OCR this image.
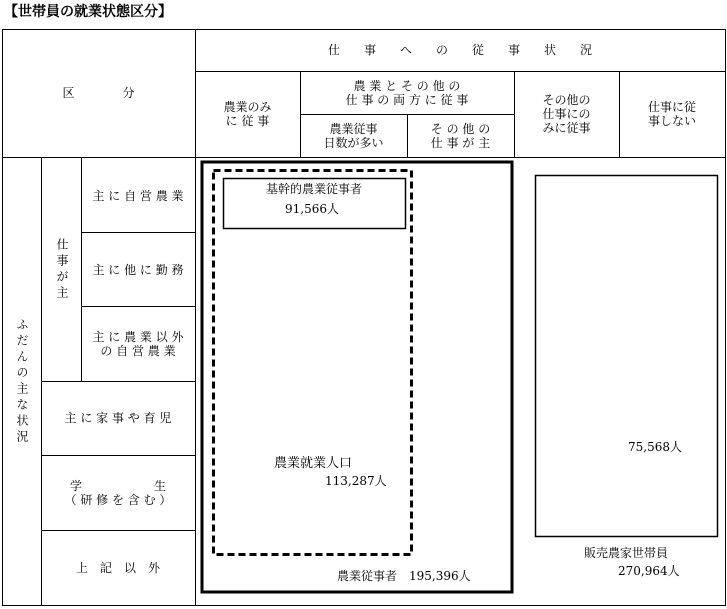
【世帯員の就業状態区分】
区　　　　分
仕　　事　　へ　　の　　従　　事　　状　　況
農業のみ
に 従 事
農 業 と そ の 他 の
仕 事 の 両 方 に 従 事
農業従事
日数が多い
そ の 他 の
仕 事 が 主
その他の
仕事にの
みに従事
仕事に従
事しない
ふだんの主な状況
仕事が主
主 に 自 営 農 業
主 に 他 に 勤 務
主 に 農 業 以 外
の 自 営 農 業
主 に 家 事 や 育 児
学　　　　　　生
（ 研 修 を 含 む ）
上　記　以　外
基幹的農業従事者
91,566人
農業就業人口
113,287人
農業従事者　195,396人
75,568人
販売農家世帯員
270,964人
